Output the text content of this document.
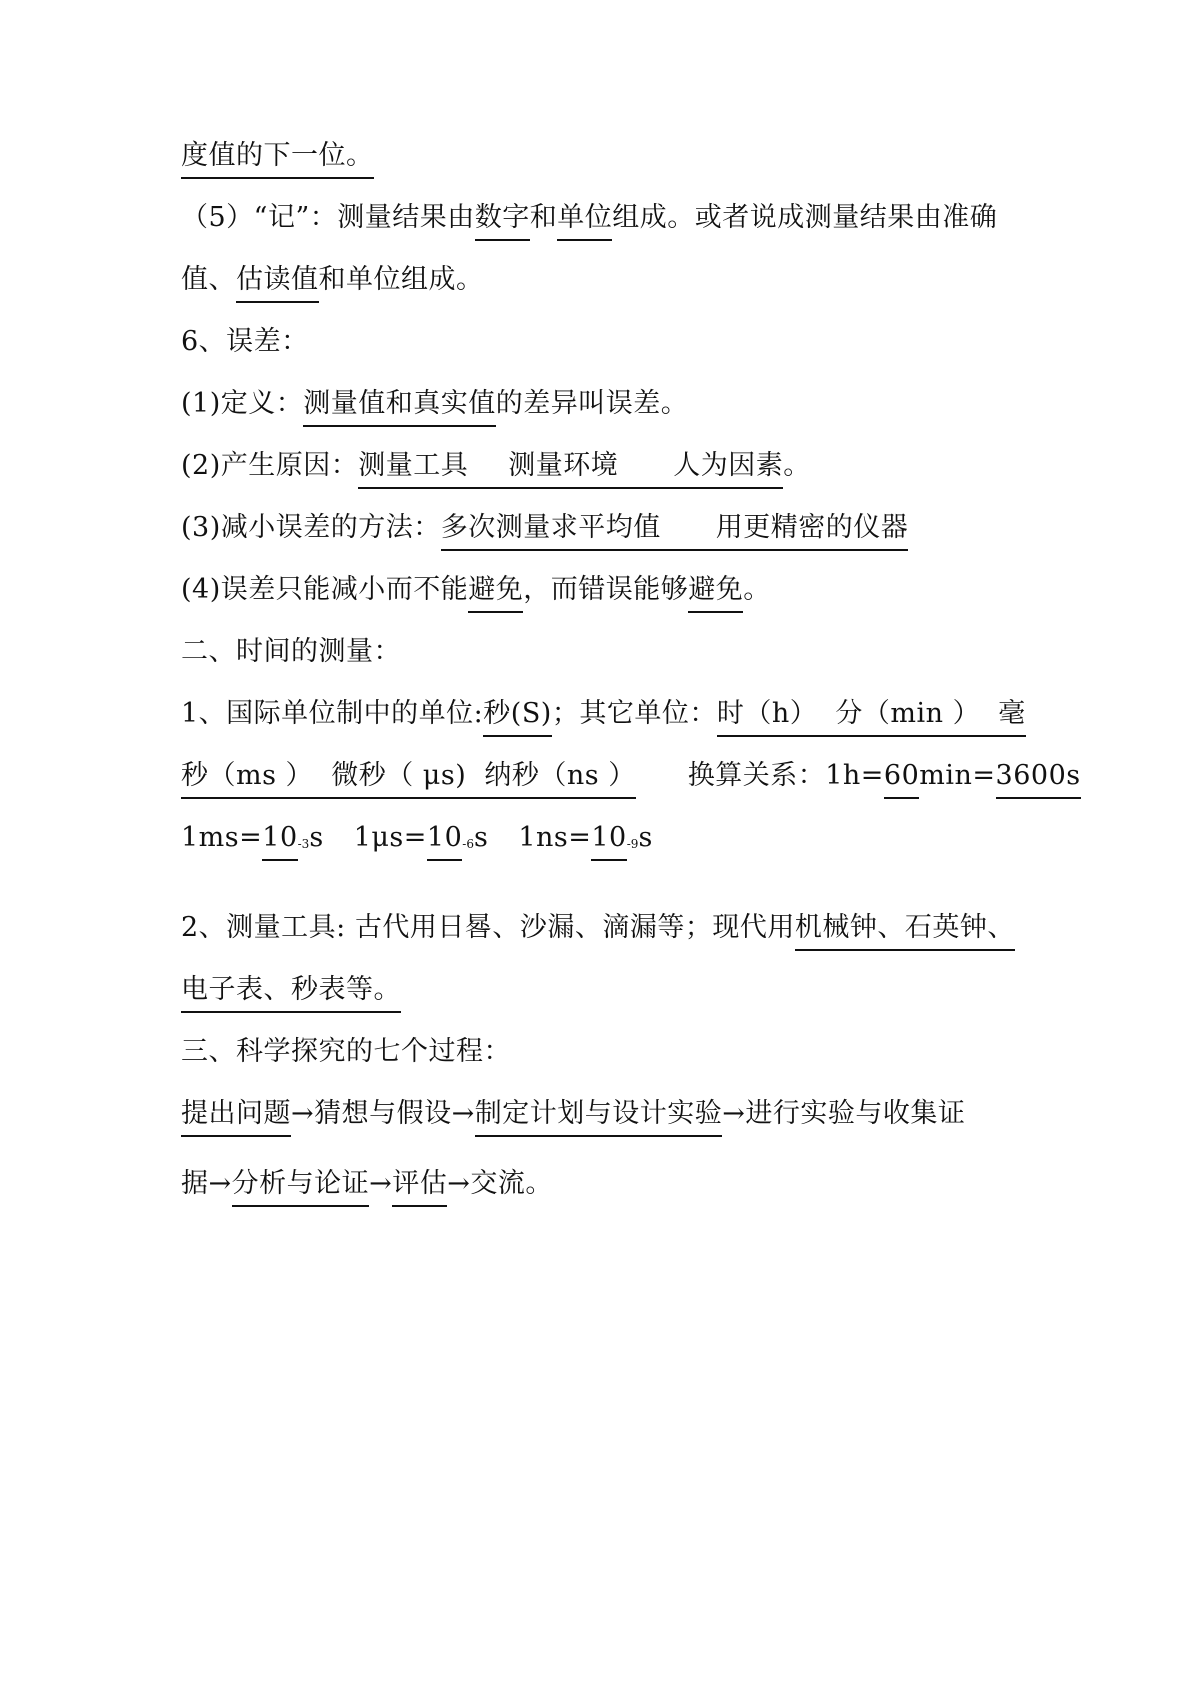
度值的下一位。
（5）“记”：测量结果由数字和单位组成。或者说成测量结果由准确
值、估读值和单位组成。
6、误差：
(1)定义：测量值和真实值的差异叫误差。
(2)产生原因：测量工具 测量环境 人为因素。
(3)减小误差的方法：多次测量求平均值 用更精密的仪器
(4)误差只能减小而不能避免，而错误能够避免。
二、时间的测量：
1、国际单位制中的单位:秒(S)；其它单位：时（h）  分（min ）  毫
秒（ms ）  微秒（ μs)  纳秒（ns ） 换算关系：1h=60min=3600s
$1ms=10^{-3}s$ $1\mu s=10^{-6}s$ $1ns=10^{-9}s$
2、测量工具: 古代用日晷、沙漏、滴漏等；现代用机械钟、石英钟、
电子表、秒表等。
三、科学探究的七个过程：
提出问题→猜想与假设→制定计划与设计实验→进行实验与收集证
据→分析与论证→评估→交流。
